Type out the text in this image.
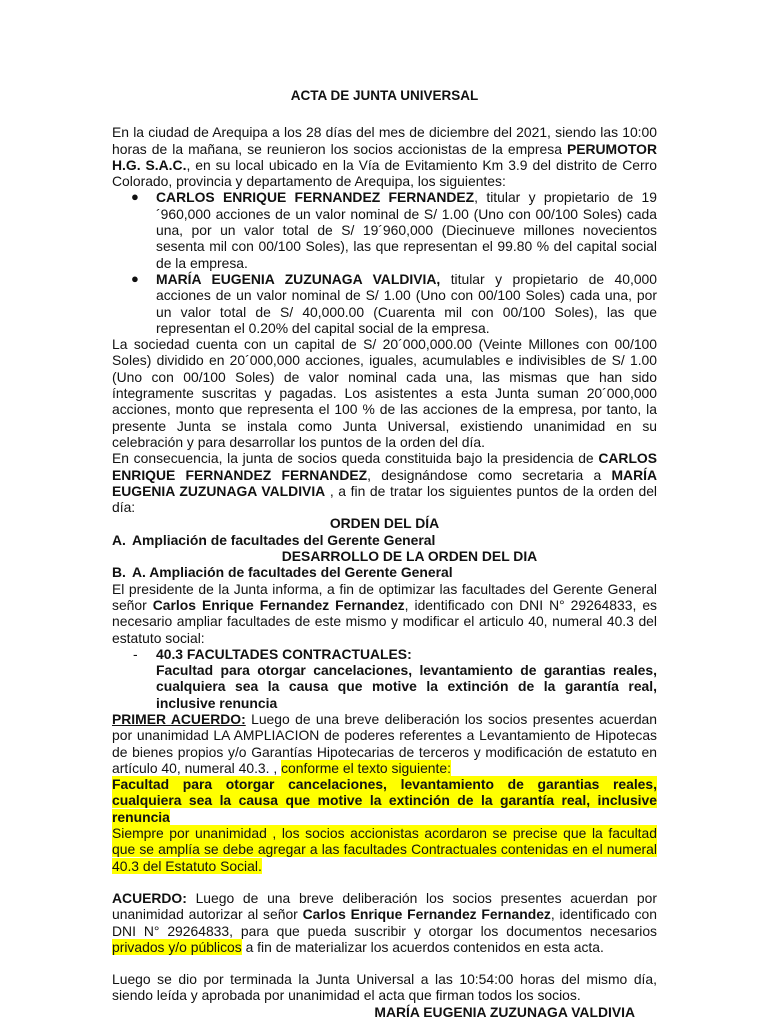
ACTA DE JUNTA UNIVERSAL

En la ciudad de Arequipa a los 28 días del mes de diciembre del 2021, siendo las 10:00 horas de la mañana, se reunieron los socios accionistas de la empresa PERUMOTOR H.G. S.A.C., en su local ubicado en la Vía de Evitamiento Km 3.9 del distrito de Cerro Colorado, provincia y departamento de Arequipa, los siguientes:

● CARLOS ENRIQUE FERNANDEZ FERNANDEZ, titular y propietario de 19´960,000 acciones de un valor nominal de S/ 1.00 (Uno con 00/100 Soles) cada una, por un valor total de S/ 19´960,000 (Diecinueve millones novecientos sesenta mil con 00/100 Soles), las que representan el 99.80 % del capital social de la empresa.
● MARÍA EUGENIA ZUZUNAGA VALDIVIA, titular y propietario de 40,000 acciones de un valor nominal de S/ 1.00 (Uno con 00/100 Soles) cada una, por un valor total de S/ 40,000.00 (Cuarenta mil con 00/100 Soles), las que representan el 0.20% del capital social de la empresa.

La sociedad cuenta con un capital de S/ 20´000,000.00 (Veinte Millones con 00/100 Soles) dividido en 20´000,000 acciones, iguales, acumulables e indivisibles de S/ 1.00 (Uno con 00/100 Soles) de valor nominal cada una, las mismas que han sido íntegramente suscritas y pagadas. Los asistentes a esta Junta suman 20´000,000 acciones, monto que representa el 100 % de las acciones de la empresa, por tanto, la presente Junta se instala como Junta Universal, existiendo unanimidad en su celebración y para desarrollar los puntos de la orden del día.

En consecuencia, la junta de socios queda constituida bajo la presidencia de CARLOS ENRIQUE FERNANDEZ FERNANDEZ, designándose como secretaria a MARÍA EUGENIA ZUZUNAGA VALDIVIA , a fin de tratar los siguientes puntos de la orden del día:

ORDEN DEL DÍA

A. Ampliación de facultades del Gerente General

DESARROLLO DE LA ORDEN DEL DIA

B. A. Ampliación de facultades del Gerente General

El presidente de la Junta informa, a fin de optimizar las facultades del Gerente General señor Carlos Enrique Fernandez Fernandez, identificado con DNI N° 29264833, es necesario ampliar facultades de este mismo y modificar el articulo 40, numeral 40.3 del estatuto social:

- 40.3 FACULTADES CONTRACTUALES:
Facultad para otorgar cancelaciones, levantamiento de garantias reales, cualquiera sea la causa que motive la extinción de la garantía real, inclusive renuncia

PRIMER ACUERDO: Luego de una breve deliberación los socios presentes acuerdan por unanimidad LA AMPLIACION de poderes referentes a Levantamiento de Hipotecas de bienes propios y/o Garantías Hipotecarias de terceros y modificación de estatuto en artículo 40, numeral 40.3. , conforme el texto siguiente:

Facultad para otorgar cancelaciones, levantamiento de garantias reales, cualquiera sea la causa que motive la extinción de la garantía real, inclusive renuncia

Siempre por unanimidad , los socios accionistas acordaron se precise que la facultad que se amplía se debe agregar a las facultades Contractuales contenidas en el numeral 40.3 del Estatuto Social.

ACUERDO: Luego de una breve deliberación los socios presentes acuerdan por unanimidad autorizar al señor Carlos Enrique Fernandez Fernandez, identificado con DNI N° 29264833, para que pueda suscribir y otorgar los documentos necesarios privados y/o públicos a fin de materializar los acuerdos contenidos en esta acta.

Luego se dio por terminada la Junta Universal a las 10:54:00 horas del mismo día, siendo leída y aprobada por unanimidad el acta que firman todos los socios.

MARÍA EUGENIA ZUZUNAGA VALDIVIA
